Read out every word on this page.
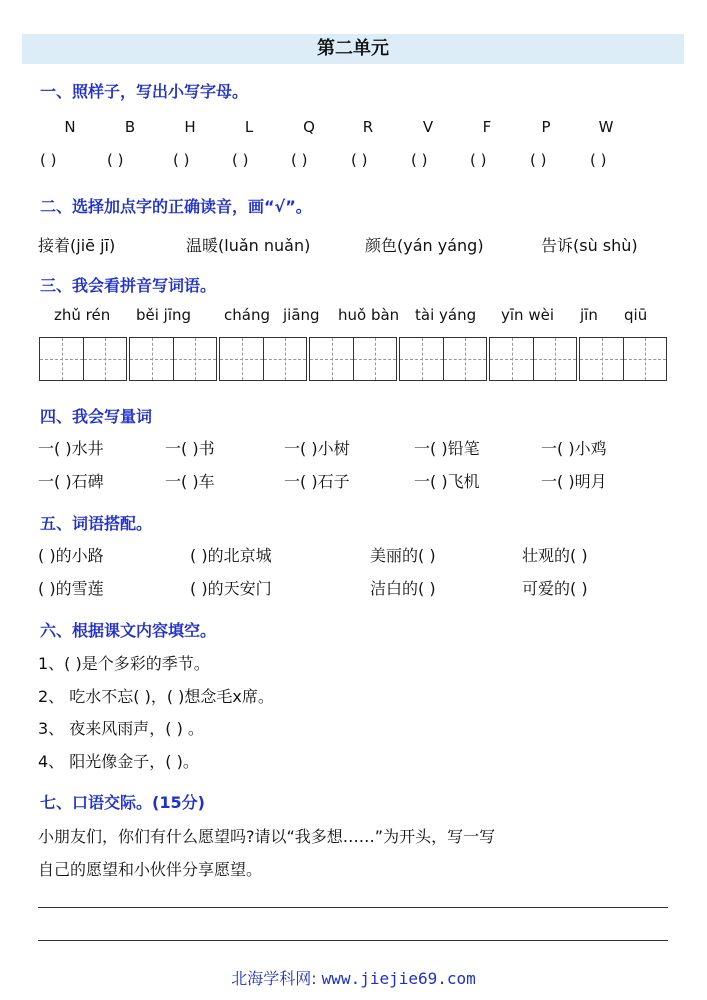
第二单元
一、照样子，写出小写字母。
N	B	H	L	Q	R	V	F	P	W
( )	( )	( )	( )	( )	( )	( )	( )	( )	( )
二、选择加点字的正确读音，画“√”。
接着(jiē jī)	温暖(luǎn nuǎn)	颜色(yán yáng)	告诉(sù shù)
三、我会看拼音写词语。
zhǔ rén běi jīng cháng jiāng huǒ bàn tài yáng yīn wèi jīn qiū
四、我会写量词
一( )水井	一( )书	一( )小树	一( )铅笔	一( )小鸡
一( )石碑	一( )车	一( )石子	一( )飞机	一( )明月
五、词语搭配。
( )的小路	( )的北京城	美丽的( )	壮观的( )
( )的雪莲	( )的天安门	洁白的( )	可爱的( )
六、根据课文内容填空。
1、( )是个多彩的季节。
2、 吃水不忘( )，( )想念毛x席。
3、 夜来风雨声，( ) 。
4、 阳光像金子，( )。
七、口语交际。(15分)
小朋友们，你们有什么愿望吗?请以“我多想……”为开头，写一写
自己的愿望和小伙伴分享愿望。
北海学科网: www.jiejie69.com
